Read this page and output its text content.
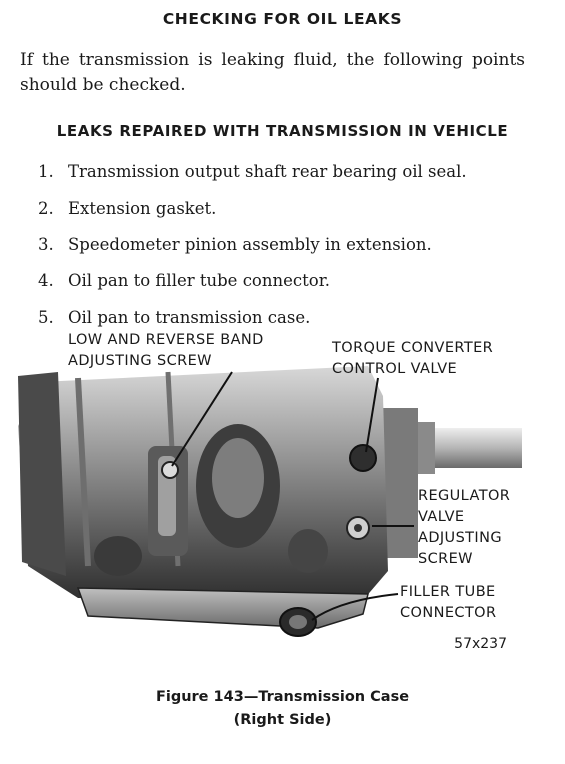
CHECKING FOR OIL LEAKS

If the transmission is leaking fluid, the following points should be checked.

LEAKS REPAIRED WITH TRANSMISSION IN VEHICLE
1. Transmission output shaft rear bearing oil seal.
2. Extension gasket.
3. Speedometer pinion assembly in extension.
4. Oil pan to filler tube connector.
5. Oil pan to transmission case.

LOW AND REVERSE BAND
ADJUSTING SCREW

TORQUE CONVERTER
CONTROL VALVE

REGULATOR
VALVE
ADJUSTING
SCREW

FILLER TUBE
CONNECTOR

57x237

Figure 143—Transmission Case

(Right Side)
